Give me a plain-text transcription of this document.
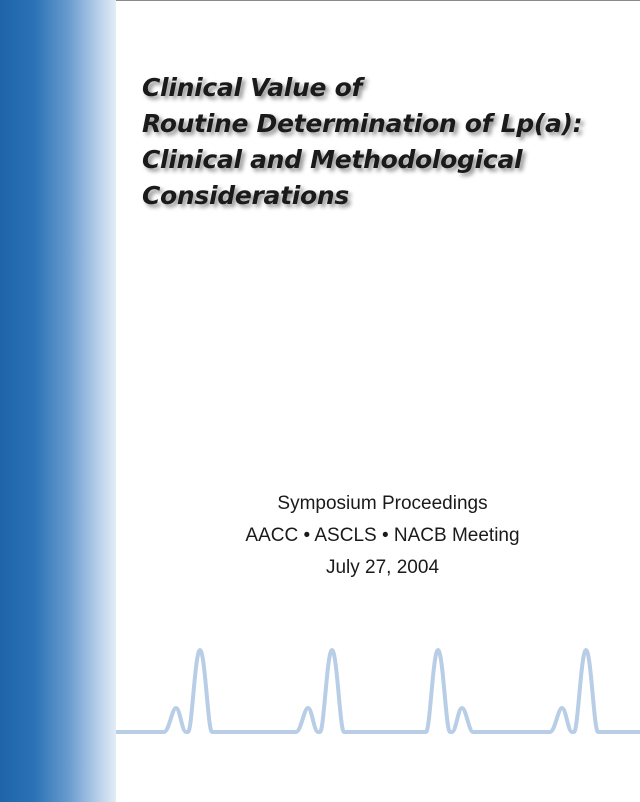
Clinical Value of
Routine Determination of Lp(a):
Clinical and Methodological
Considerations
Symposium Proceedings
AACC • ASCLS • NACB Meeting
July 27, 2004
